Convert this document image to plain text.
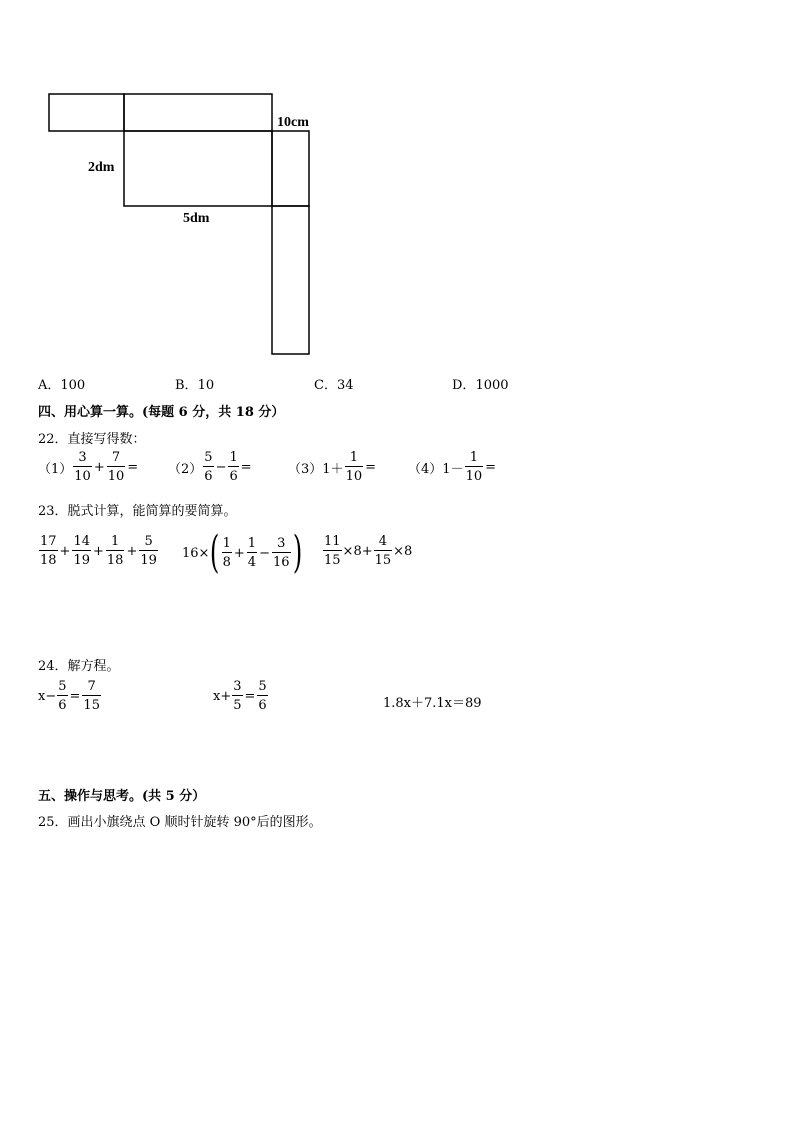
10cm
2dm
5dm
A．100	B．10	C．34	D．1000
四、用心算一算。(每题 6 分，共 18 分）
22．直接写得数：
$(1) \frac{3}{10} + \frac{7}{10} = (2) \frac{5}{6} - \frac{1}{6}$ =	（3） $1+ \frac{1}{10} = (4)$ $1- \frac{1}{10}$ =
23．脱式计算，能简算的要简算。
$\frac{17}{18} + \frac{14}{19} + \frac{1}{18} + \frac{5}{19} 16\times$ ( $\frac{1}{8} + \frac{1}{4} - \frac{3}{16}$ ) $\frac{11}{15} \times 8+ \frac{4}{15} \times 8$
24．解方程。
$x- \frac{5}{6} = \frac{7}{15}$	$x+ \frac{3}{5} = \frac{5}{6}$	1.8x＋7.1x＝89
五、操作与思考。(共 5 分）
25．画出小旗绕点 O 顺时针旋转 90°后的图形。
